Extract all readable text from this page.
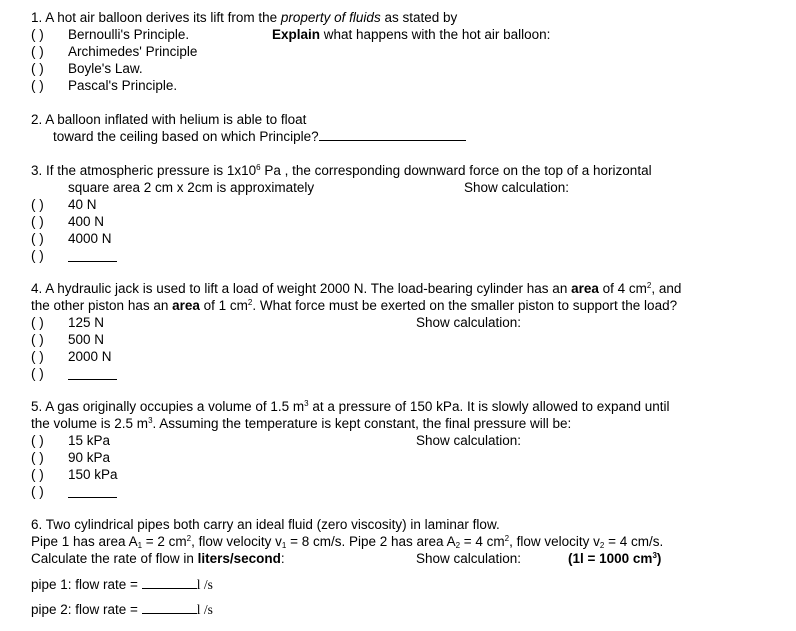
1. A hot air balloon derives its lift from the property of fluids as stated by
Explain what happens with the hot air balloon:
( ) Bernoulli's Principle.
( ) Archimedes' Principle
( ) Boyle's Law.
( ) Pascal's Principle.
2. A balloon inflated with helium is able to float
toward the ceiling based on which Principle?
3. If the atmospheric pressure is $1x10^6$ Pa , the corresponding downward force on the top of a horizontal
square area 2 cm x 2cm is approximately	Show calculation:
( ) 40 N
( ) 400 N
( ) 4000 N
( )
4. A hydraulic jack is used to lift a load of weight 2000 N. The load-bearing cylinder has an area of 4 $cm^2$, and
the other piston has an area of 1 $cm^2$. What force must be exerted on the smaller piston to support the load?
Show calculation:
( ) 125 N
( ) 500 N
( ) 2000 N
( )
5. A gas originally occupies a volume of 1.5 $m^3$ at a pressure of 150 kPa. It is slowly allowed to expand until
the volume is 2.5 $m^3$. Assuming the temperature is kept constant, the final pressure will be:
Show calculation:
( ) 15 kPa
( ) 90 kPa
( ) 150 kPa
( )
6. Two cylindrical pipes both carry an ideal fluid (zero viscosity) in laminar flow.
Pipe 1 has area $A_1 = 2$ $cm^2$, flow velocity $v_1 = 8$ cm/s. Pipe 2 has area $A_2 = 4$ $cm^2$, flow velocity $v_2 = 4$ cm/s.
Calculate the rate of flow in liters/second:	Show calculation:	(1l = 1000 $cm^3$)
pipe 1: flow rate =	l /s
pipe 2: flow rate =	l /s
